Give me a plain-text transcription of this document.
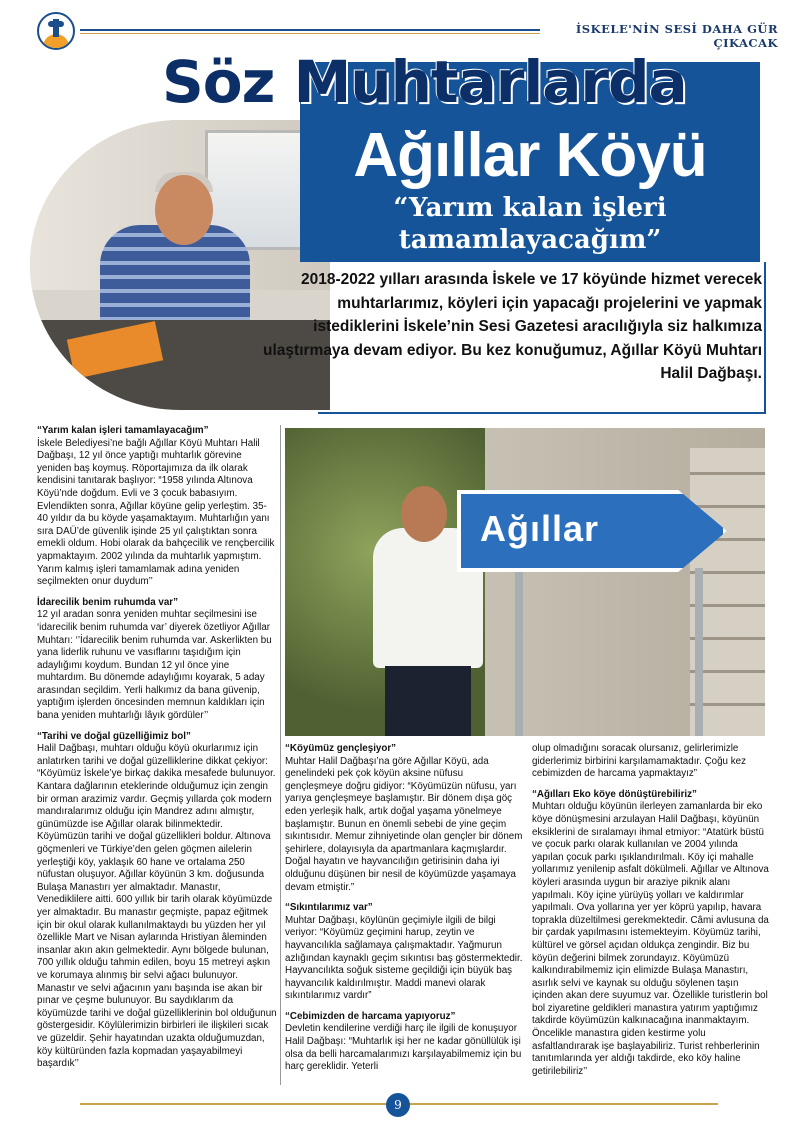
İSKELE'NİN SESİ DAHA GÜR ÇIKACAK
Söz Muhtarlarda
Ağıllar Köyü
“Yarım kalan işleri tamamlayacağım”
2018-2022 yılları arasında İskele ve 17 köyünde hizmet verecek muhtarlarımız, köyleri için yapacağı projelerini ve yapmak istediklerini İskele’nin Sesi Gazetesi aracılığıyla siz halkımıza ulaştırmaya devam ediyor. Bu kez konuğumuz, Ağıllar Köyü Muhtarı Halil Dağbaşı.
Ağıllar
“Yarım kalan işleri tamamlayacağım”

İskele Belediyesi’ne bağlı Ağıllar Köyü Muhtarı Halil Dağbaşı, 12 yıl önce yaptığı muhtarlık görevine yeniden baş koymuş. Röportajımıza da ilk olarak kendisini tanıtarak başlıyor: “1958 yılında Altınova Köyü’nde doğdum. Evli ve 3 çocuk babasıyım. Evlendikten sonra, Ağıllar köyüne gelip yerleştim. 35-40 yıldır da bu köyde yaşamaktayım. Muhtarlığın yanı sıra DAÜ’de güvenlik işinde 25 yıl çalıştıktan sonra emekli oldum. Hobi olarak da bahçecilik ve rençbercilik yapmaktayım. 2002 yılında da muhtarlık yapmıştım. Yarım kalmış işleri tamamlamak adına yeniden seçilmekten onur duydum’’

İdarecilik benim ruhumda var”

12 yıl aradan sonra yeniden muhtar seçilmesini ise ‘idarecilik benim ruhumda var’ diyerek özetliyor Ağıllar Muhtarı: ‘’İdarecilik benim ruhumda var. Askerlikten bu yana liderlik ruhunu ve vasıflarını taşıdığım için adaylığımı koydum. Bundan 12 yıl önce yine muhtardım. Bu dönemde adaylığımı koyarak, 5 aday arasından seçildim. Yerli halkımız da bana güvenip, yaptığım işlerden öncesinden memnun kaldıkları için bana yeniden muhtarlığı lâyık gördüler’’

“Tarihi ve doğal güzelliğimiz bol”

Halil Dağbaşı, muhtarı olduğu köyü okurlarımız için anlatırken tarihi ve doğal güzelliklerine dikkat çekiyor: “Köyümüz İskele’ye birkaç dakika mesafede bulunuyor. Kantara dağlarının eteklerinde olduğumuz için zengin bir orman arazimiz vardır. Geçmiş yıllarda çok modern mandıralarımız olduğu için Mandrez adını almıştır, günümüzde ise Ağıllar olarak bilinmektedir. Köyümüzün tarihi ve doğal güzellikleri boldur. Altınova göçmenleri ve Türkiye’den gelen göçmen ailelerin yerleştiği köy, yaklaşık 60 hane ve ortalama 250 nüfustan oluşuyor. Ağıllar köyünün 3 km. doğusunda Bulaşa Manastırı yer almaktadır. Manastır, Venediklilere aitti. 600 yıllık bir tarih olarak köyümüzde yer almaktadır. Bu manastır geçmişte, papaz eğitmek için bir okul olarak kullanılmaktaydı bu yüzden her yıl özellikle Mart ve Nisan aylarında Hristiyan âleminden insanlar akın akın gelmektedir. Aynı bölgede bulunan, 700 yıllık olduğu tahmin edilen, boyu 15 metreyi aşkın ve korumaya alınmış bir selvi ağacı bulunuyor. Manastır ve selvi ağacının yanı başında ise akan bir pınar ve çeşme bulunuyor. Bu saydıklarım da köyümüzde tarihi ve doğal güzelliklerinin bol olduğunun göstergesidir. Köylülerimizin birbirleri ile ilişkileri sıcak ve güzeldir. Şehir hayatından uzakta olduğumuzdan, köy kültüründen fazla kopmadan yaşayabilmeyi başardık’’

“Köyümüz gençleşiyor”

Muhtar Halil Dağbaşı’na göre Ağıllar Köyü, ada genelindeki pek çok köyün aksine nüfusu gençleşmeye doğru gidiyor: “Köyümüzün nüfusu, yarı yarıya gençleşmeye başlamıştır. Bir dönem dışa göç eden yerleşik halk, artık doğal yaşama yönelmeye başlamıştır. Bunun en önemli sebebi de yine geçim sıkıntısıdır. Memur zihniyetinde olan gençler bir dönem şehirlere, dolayısıyla da apartmanlara kaçmışlardır. Doğal hayatın ve hayvancılığın getirisinin daha iyi olduğunu düşünen bir nesil de köyümüzde yaşamaya devam etmiştir.”

“Sıkıntılarımız var”

Muhtar Dağbaşı, köylünün geçimiyle ilgili de bilgi veriyor: “Köyümüz geçimini harup, zeytin ve hayvancılıkla sağlamaya çalışmaktadır. Yağmurun azlığından kaynaklı geçim sıkıntısı baş göstermektedir. Hayvancılıkta soğuk sisteme geçildiği için büyük baş hayvancılık kaldırılmıştır. Maddi manevi olarak sıkıntılarımız vardır”

“Cebimizden de harcama yapıyoruz”

Devletin kendilerine verdiği harç ile ilgili de konuşuyor Halil Dağbaşı: “Muhtarlık işi her ne kadar gönüllülük işi olsa da belli harcamalarımızı karşılayabilmemiz için bu harç gereklidir. Yeterli

olup olmadığını soracak olursanız, gelirlerimizle giderlerimiz birbirini karşılamamaktadır. Çoğu kez cebimizden de harcama yapmaktayız”

“Ağılları Eko köye dönüştürebiliriz”

Muhtarı olduğu köyünün ilerleyen zamanlarda bir eko köye dönüşmesini arzulayan Halil Dağbaşı, köyünün eksiklerini de sıralamayı ihmal etmiyor: “Atatürk büstü ve çocuk parkı olarak kullanılan ve 2004 yılında yapılan çocuk parkı ışıklandırılmalı. Köy içi mahalle yollarımız yenilenip asfalt dökülmeli. Ağıllar ve Altınova köyleri arasında uygun bir araziye piknik alanı yapılmalı. Köy içine yürüyüş yolları ve kaldırımlar yapılmalı. Ova yollarına yer yer köprü yapılıp, havara toprakla düzeltilmesi gerekmektedir. Câmi avlusuna da bir çardak yapılmasını istemekteyim. Köyümüz tarihi, kültürel ve görsel açıdan oldukça zengindir. Biz bu köyün değerini bilmek zorundayız. Köyümüzü kalkındırabilmemiz için elimizde Bulaşa Manastırı, asırlık selvi ve kaynak su olduğu söylenen taşın içinden akan dere suyumuz var. Özellikle turistlerin bol bol ziyaretine geldikleri manastıra yatırım yaptığımız takdirde köyümüzün kalkınacağına inanmaktayım. Öncelikle manastıra giden kestirme yolu asfaltlandırarak işe başlayabiliriz. Turist rehberlerinin tanıtımlarında yer aldığı takdirde, eko köy haline getirilebiliriz’’

9
